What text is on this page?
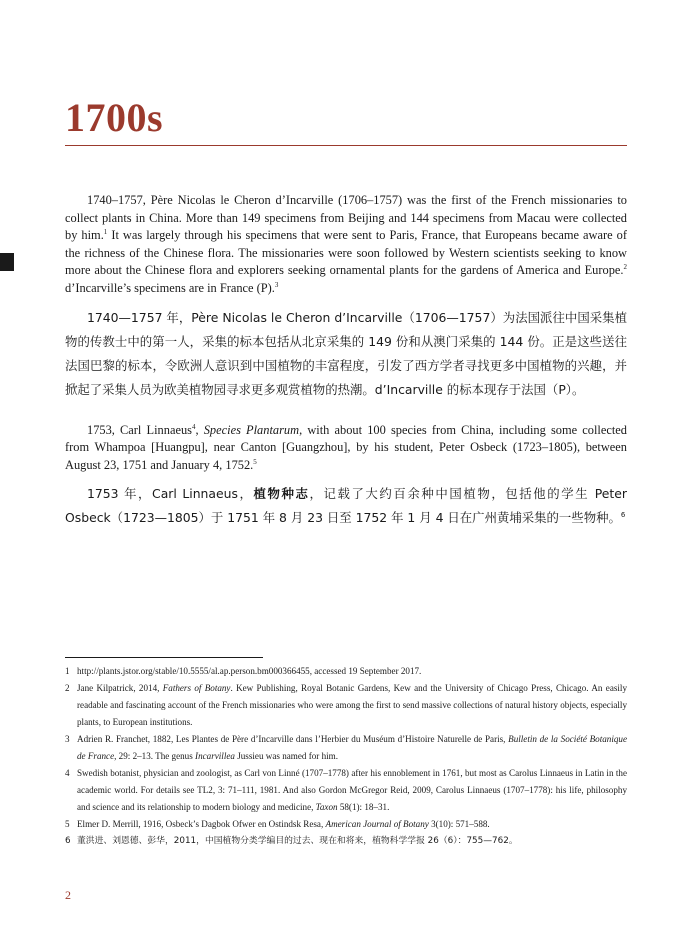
1700s

1740–1757, Père Nicolas le Cheron d’Incarville (1706–1757) was the first of the French missionaries to collect plants in China. More than 149 specimens from Beijing and 144 specimens from Macau were collected by him.$^1$ It was largely through his specimens that were sent to Paris, France, that Europeans became aware of the richness of the Chinese flora. The missionaries were soon followed by Western scientists seeking to know more about the Chinese flora and explorers seeking ornamental plants for the gardens of America and Europe.$^2$ d’Incarville’s specimens are in France (P).$^3$

1740—1757 年，Père Nicolas le Cheron d’Incarville（1706—1757）为法国派往中国采集植物的传教士中的第一人，采集的标本包括从北京采集的 149 份和从澳门采集的 144 份。正是这些送往法国巴黎的标本，令欧洲人意识到中国植物的丰富程度，引发了西方学者寻找更多中国植物的兴趣，并掀起了采集人员为欧美植物园寻求更多观赏植物的热潮。d’Incarville 的标本现存于法国（P）。

1753, Carl Linnaeus$^4$, Species Plantarum, with about 100 species from China, including some collected from Whampoa [Huangpu], near Canton [Guangzhou], by his student, Peter Osbeck (1723–1805), between August 23, 1751 and January 4, 1752.$^5$

1753 年，Carl Linnaeus，植物种志，记载了大约百余种中国植物，包括他的学生 Peter Osbeck（1723—1805）于 1751 年 8 月 23 日至 1752 年 1 月 4 日在广州黄埔采集的一些物种。$^6$

1 http://plants.jstor.org/stable/10.5555/al.ap.person.bm000366455, accessed 19 September 2017.

2 Jane Kilpatrick, 2014, Fathers of Botany. Kew Publishing, Royal Botanic Gardens, Kew and the University of Chicago Press, Chicago. An easily readable and fascinating account of the French missionaries who were among the first to send massive collections of natural history objects, especially plants, to European institutions.

3 Adrien R. Franchet, 1882, Les Plantes de Père d’Incarville dans l’Herbier du Muséum d’Histoire Naturelle de Paris, Bulletin de la Société Botanique de France, 29: 2–13. The genus Incarvillea Jussieu was named for him.

4 Swedish botanist, physician and zoologist, as Carl von Linné (1707–1778) after his ennoblement in 1761, but most as Carolus Linnaeus in Latin in the academic world. For details see TL2, 3: 71–111, 1981. And also Gordon McGregor Reid, 2009, Carolus Linnaeus (1707–1778): his life, philosophy and science and its relationship to modern biology and medicine, Taxon 58(1): 18–31.

5 Elmer D. Merrill, 1916, Osbeck’s Dagbok Ofwer en Ostindsk Resa, American Journal of Botany 3(10): 571–588.

6 董洪进、刘恩德、彭华，2011，中国植物分类学编目的过去、现在和将来，植物科学学报 26（6）：755—762。

2
